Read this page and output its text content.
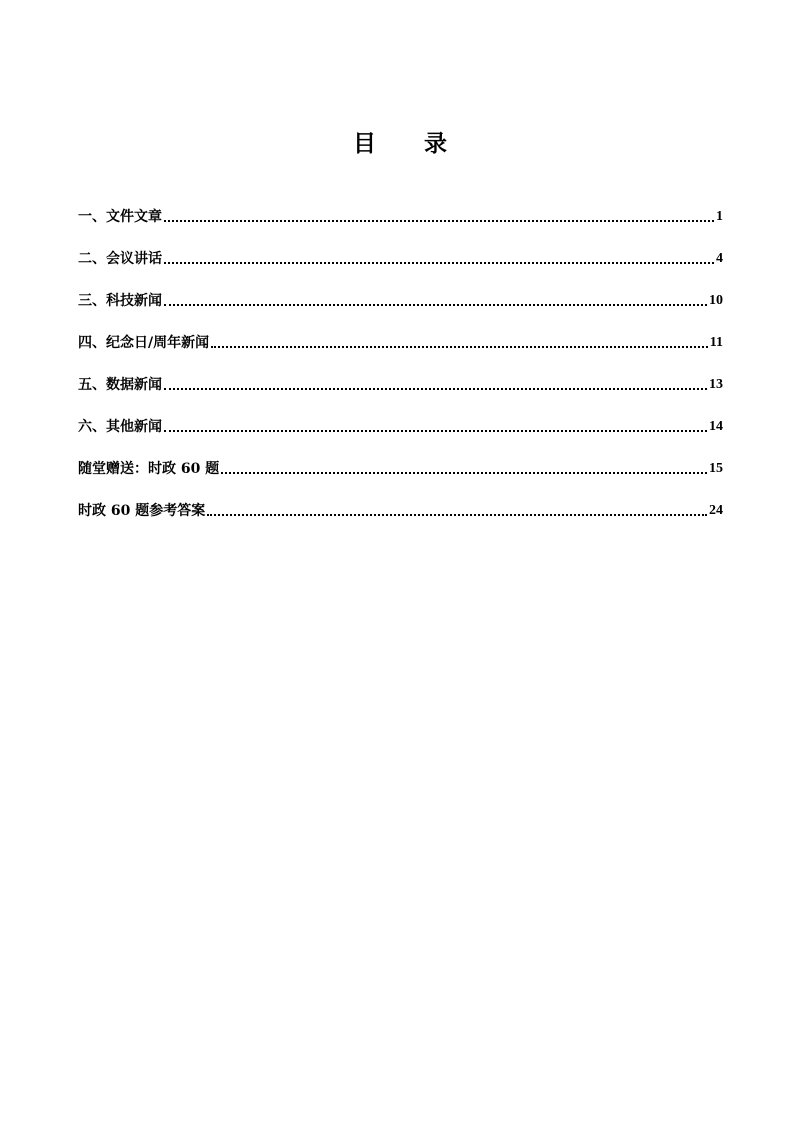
目 录
一、文件文章	1
二、会议讲话	4
三、科技新闻	10
四、纪念日/周年新闻	11
五、数据新闻	13
六、其他新闻	14
随堂赠送：时政 60 题	15
时政 60 题参考答案	24
